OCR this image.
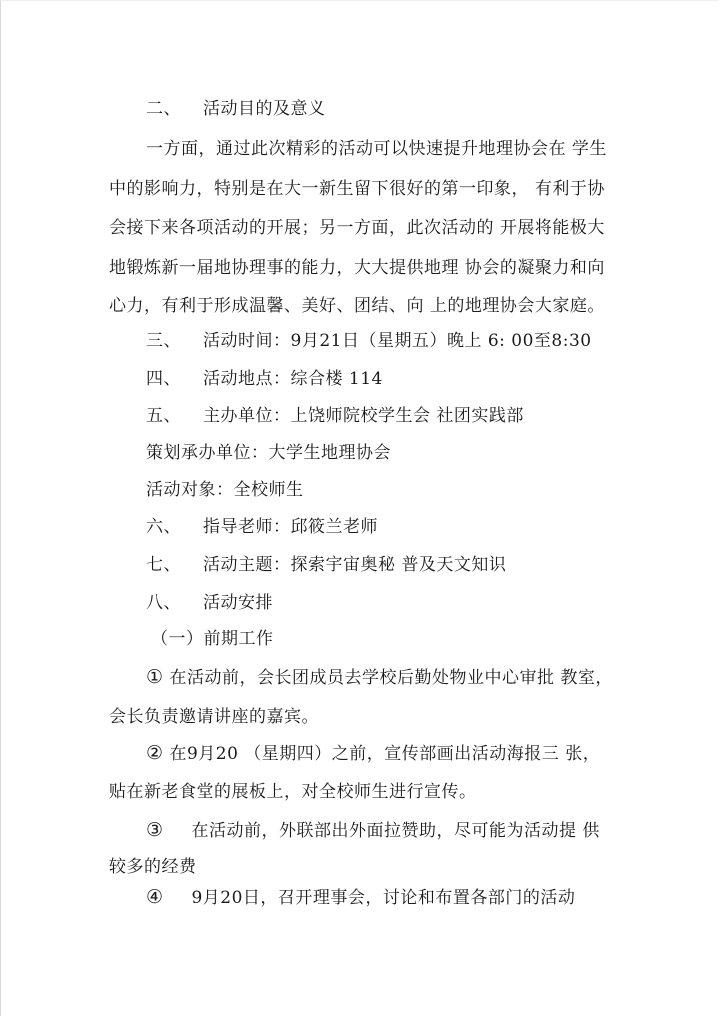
二、 活动目的及意义
一方面，通过此次精彩的活动可以快速提升地理协会在 学生
中的影响力，特别是在大一新生留下很好的第一印象， 有利于协
会接下来各项活动的开展；另一方面，此次活动的 开展将能极大
地锻炼新一届地协理事的能力，大大提供地理 协会的凝聚力和向
心力，有利于形成温馨、美好、团结、向 上的地理协会大家庭。
三、 活动时间：9月21日（星期五）晚上 6: 00至8:30
四、 活动地点：综合楼 114
五、 主办单位：上饶师院校学生会 社团实践部
策划承办单位：大学生地理协会
活动对象：全校师生
六、 指导老师：邱筱兰老师
七、 活动主题：探索宇宙奥秘 普及天文知识
八、 活动安排
（一）前期工作
① 在活动前，会长团成员去学校后勤处物业中心审批 教室，
会长负责邀请讲座的嘉宾。
② 在9月20 （星期四）之前，宣传部画出活动海报三 张，
贴在新老食堂的展板上，对全校师生进行宣传。
③ 在活动前，外联部出外面拉赞助，尽可能为活动提 供
较多的经费
④ 9月20日，召开理事会，讨论和布置各部门的活动
